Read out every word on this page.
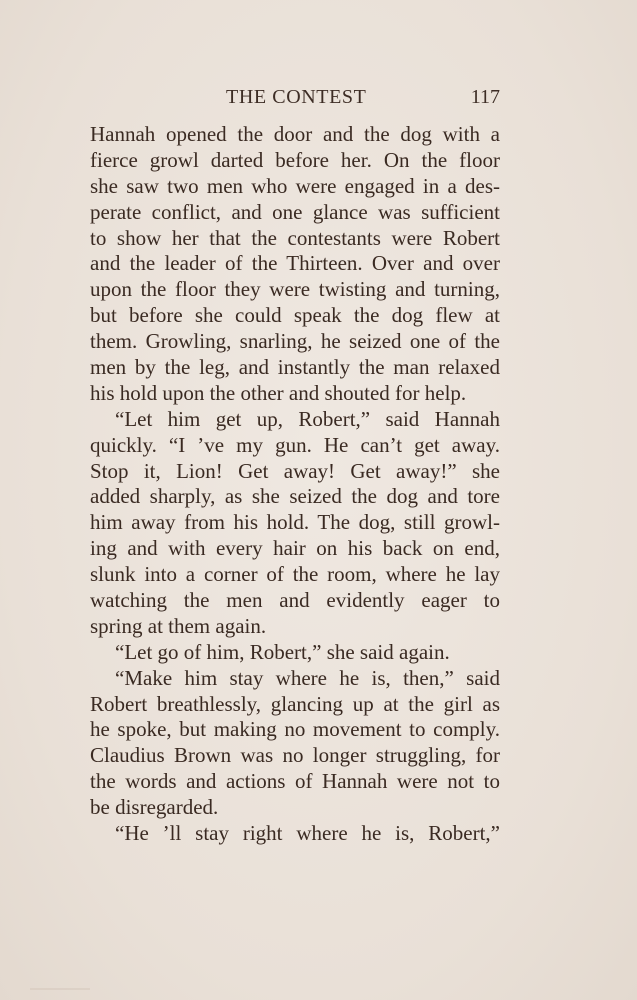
THE CONTEST	117
Hannah opened the door and the dog with a
fierce growl darted before her. On the floor
she saw two men who were engaged in a des-
perate conflict, and one glance was sufficient
to show her that the contestants were Robert
and the leader of the Thirteen. Over and over
upon the floor they were twisting and turning,
but before she could speak the dog flew at
them. Growling, snarling, he seized one of the
men by the leg, and instantly the man relaxed
his hold upon the other and shouted for help.
“Let him get up, Robert,” said Hannah
quickly. “I ’ve my gun. He can’t get away.
Stop it, Lion! Get away! Get away!” she
added sharply, as she seized the dog and tore
him away from his hold. The dog, still growl-
ing and with every hair on his back on end,
slunk into a corner of the room, where he lay
watching the men and evidently eager to
spring at them again.
“Let go of him, Robert,” she said again.
“Make him stay where he is, then,” said
Robert breathlessly, glancing up at the girl as
he spoke, but making no movement to comply.
Claudius Brown was no longer struggling, for
the words and actions of Hannah were not to
be disregarded.
“He ’ll stay right where he is, Robert,”
